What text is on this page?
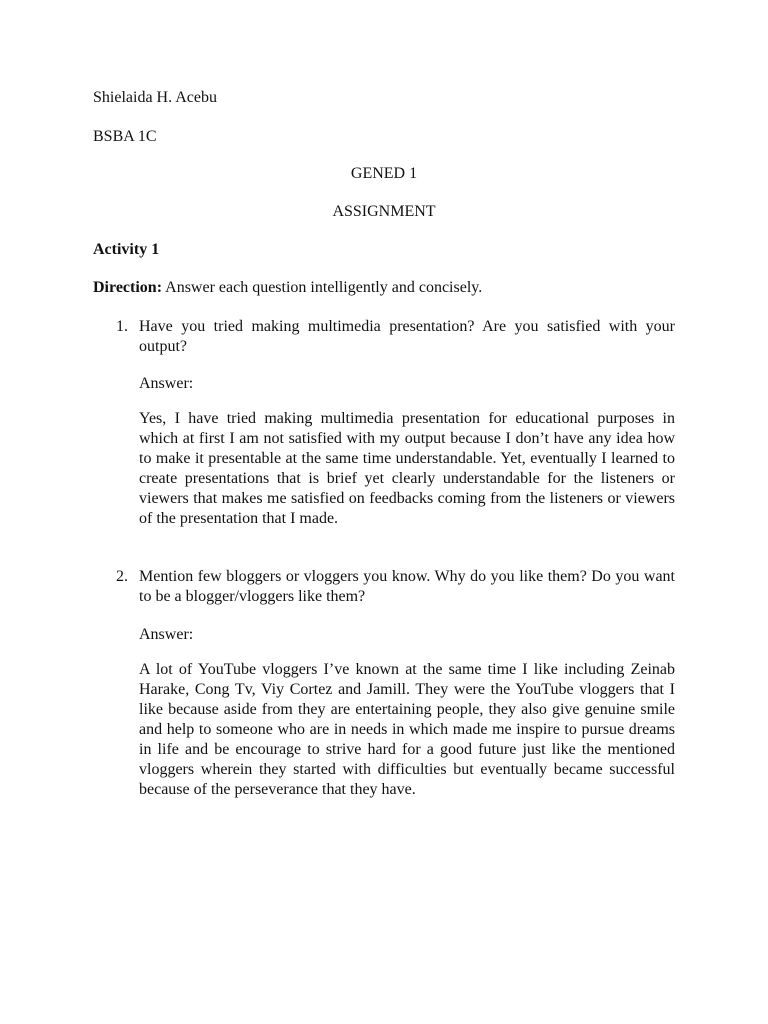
Shielaida H. Acebu
BSBA 1C
GENED 1
ASSIGNMENT
Activity 1
Direction: Answer each question intelligently and concisely.
1. Have you tried making multimedia presentation? Are you satisfied with your output?
Answer:
Yes, I have tried making multimedia presentation for educational purposes in which at first I am not satisfied with my output because I don’t have any idea how to make it presentable at the same time understandable. Yet, eventually I learned to create presentations that is brief yet clearly understandable for the listeners or viewers that makes me satisfied on feedbacks coming from the listeners or viewers of the presentation that I made.
2. Mention few bloggers or vloggers you know. Why do you like them? Do you want to be a blogger/vloggers like them?
Answer:
A lot of YouTube vloggers I’ve known at the same time I like including Zeinab Harake, Cong Tv, Viy Cortez and Jamill. They were the YouTube vloggers that I like because aside from they are entertaining people, they also give genuine smile and help to someone who are in needs in which made me inspire to pursue dreams in life and be encourage to strive hard for a good future just like the mentioned vloggers wherein they started with difficulties but eventually became successful because of the perseverance that they have.
